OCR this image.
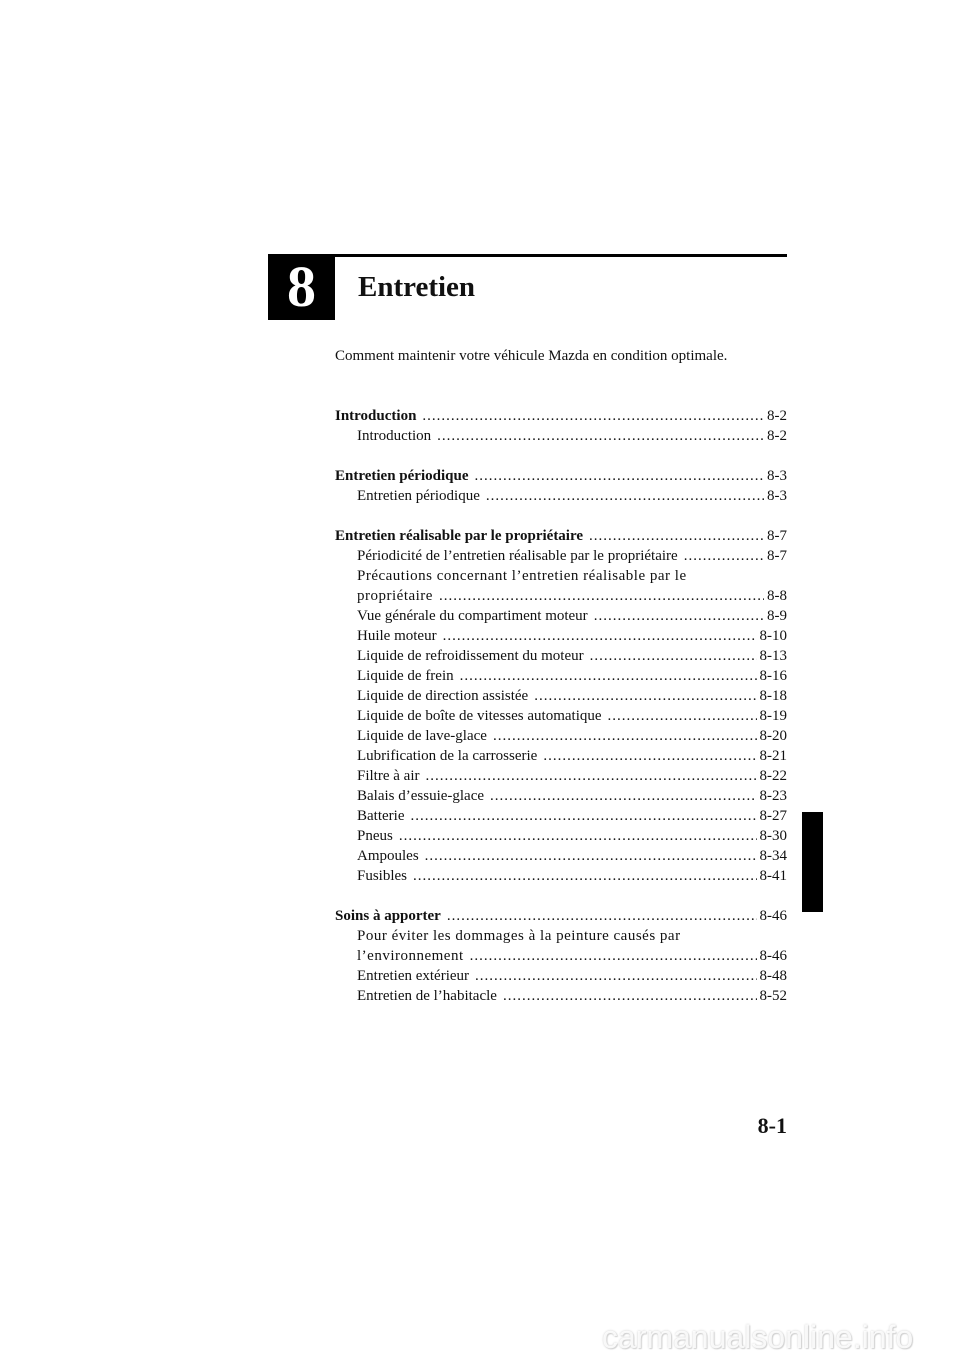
8	Entretien
Comment maintenir votre véhicule Mazda en condition optimale.
Introduction .....	8-2
Introduction .....	8-2
Entretien périodique .....	8-3
Entretien périodique .....	8-3
Entretien réalisable par le propriétaire .....	8-7
Périodicité de l’entretien réalisable par le propriétaire .....	8-7
Précautions concernant l’entretien réalisable par le
propriétaire .....	8-8
Vue générale du compartiment moteur .....	8-9
Huile moteur .....	8-10
Liquide de refroidissement du moteur .....	8-13
Liquide de frein .....	8-16
Liquide de direction assistée .....	8-18
Liquide de boîte de vitesses automatique .....	8-19
Liquide de lave-glace .....	8-20
Lubrification de la carrosserie .....	8-21
Filtre à air .....	8-22
Balais d’essuie-glace .....	8-23
Batterie .....	8-27
Pneus .....	8-30
Ampoules .....	8-34
Fusibles .....	8-41
Soins à apporter .....	8-46
Pour éviter les dommages à la peinture causés par
l’environnement .....	8-46
Entretien extérieur .....	8-48
Entretien de l’habitacle .....	8-52
8-1
carmanualsonline.info
